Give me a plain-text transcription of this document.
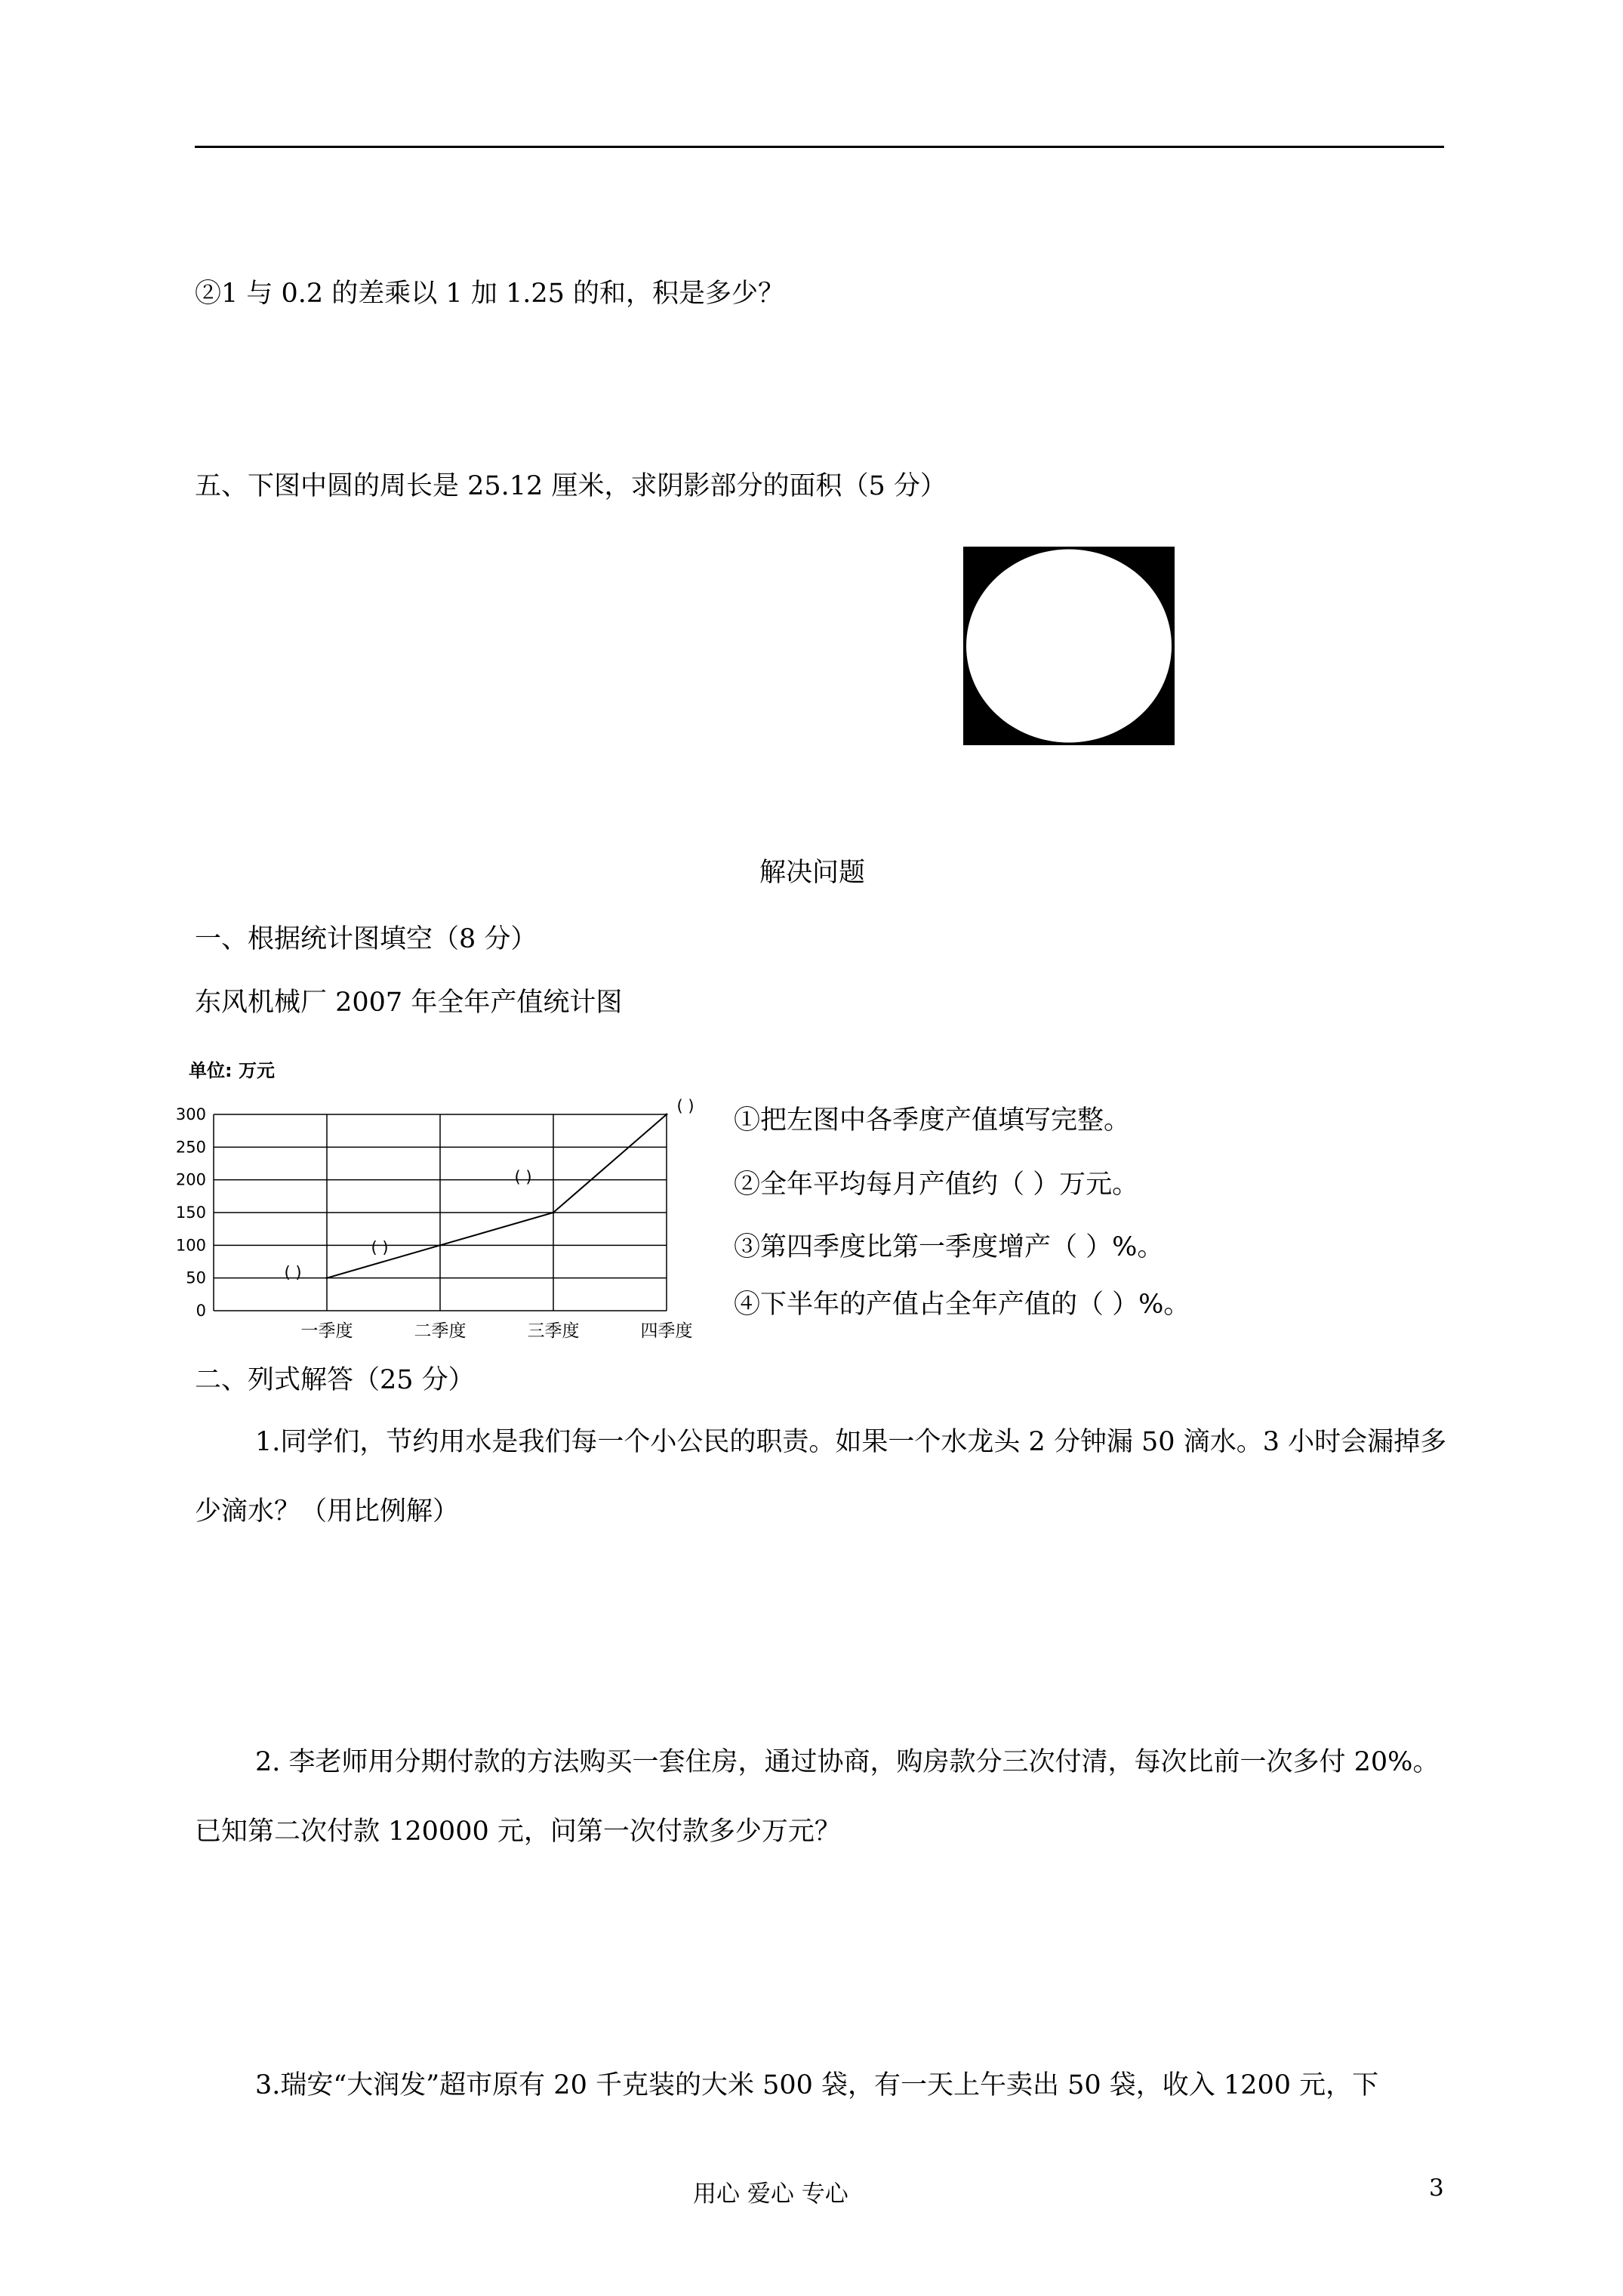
②1 与 0.2 的差乘以 1 加 1.25 的和，积是多少？
五、下图中圆的周长是 25.12 厘米，求阴影部分的面积（5 分）
解决问题
一、根据统计图填空（8 分）
东风机械厂 2007 年全年产值统计图
单位: 万元
0
50
100
150
200
250
300
一季度	二季度	三季度	四季度
( )
( )
( )
( ) ①把左图中各季度产值填写完整。
②全年平均每月产值约（ ）万元。
③第四季度比第一季度增产（ ）%。
④下半年的产值占全年产值的（ ）%。
二、列式解答（25 分）
1.同学们，节约用水是我们每一个小公民的职责。如果一个水龙头 2 分钟漏 50 滴水。3 小时会漏掉多少滴水？（用比例解）
2. 李老师用分期付款的方法购买一套住房，通过协商，购房款分三次付清，每次比前一次多付 20%。已知第二次付款 120000 元，问第一次付款多少万元？
3.瑞安“大润发”超市原有 20 千克装的大米 500 袋，有一天上午卖出 50 袋，收入 1200 元，下
用心 爱心 专心	3
